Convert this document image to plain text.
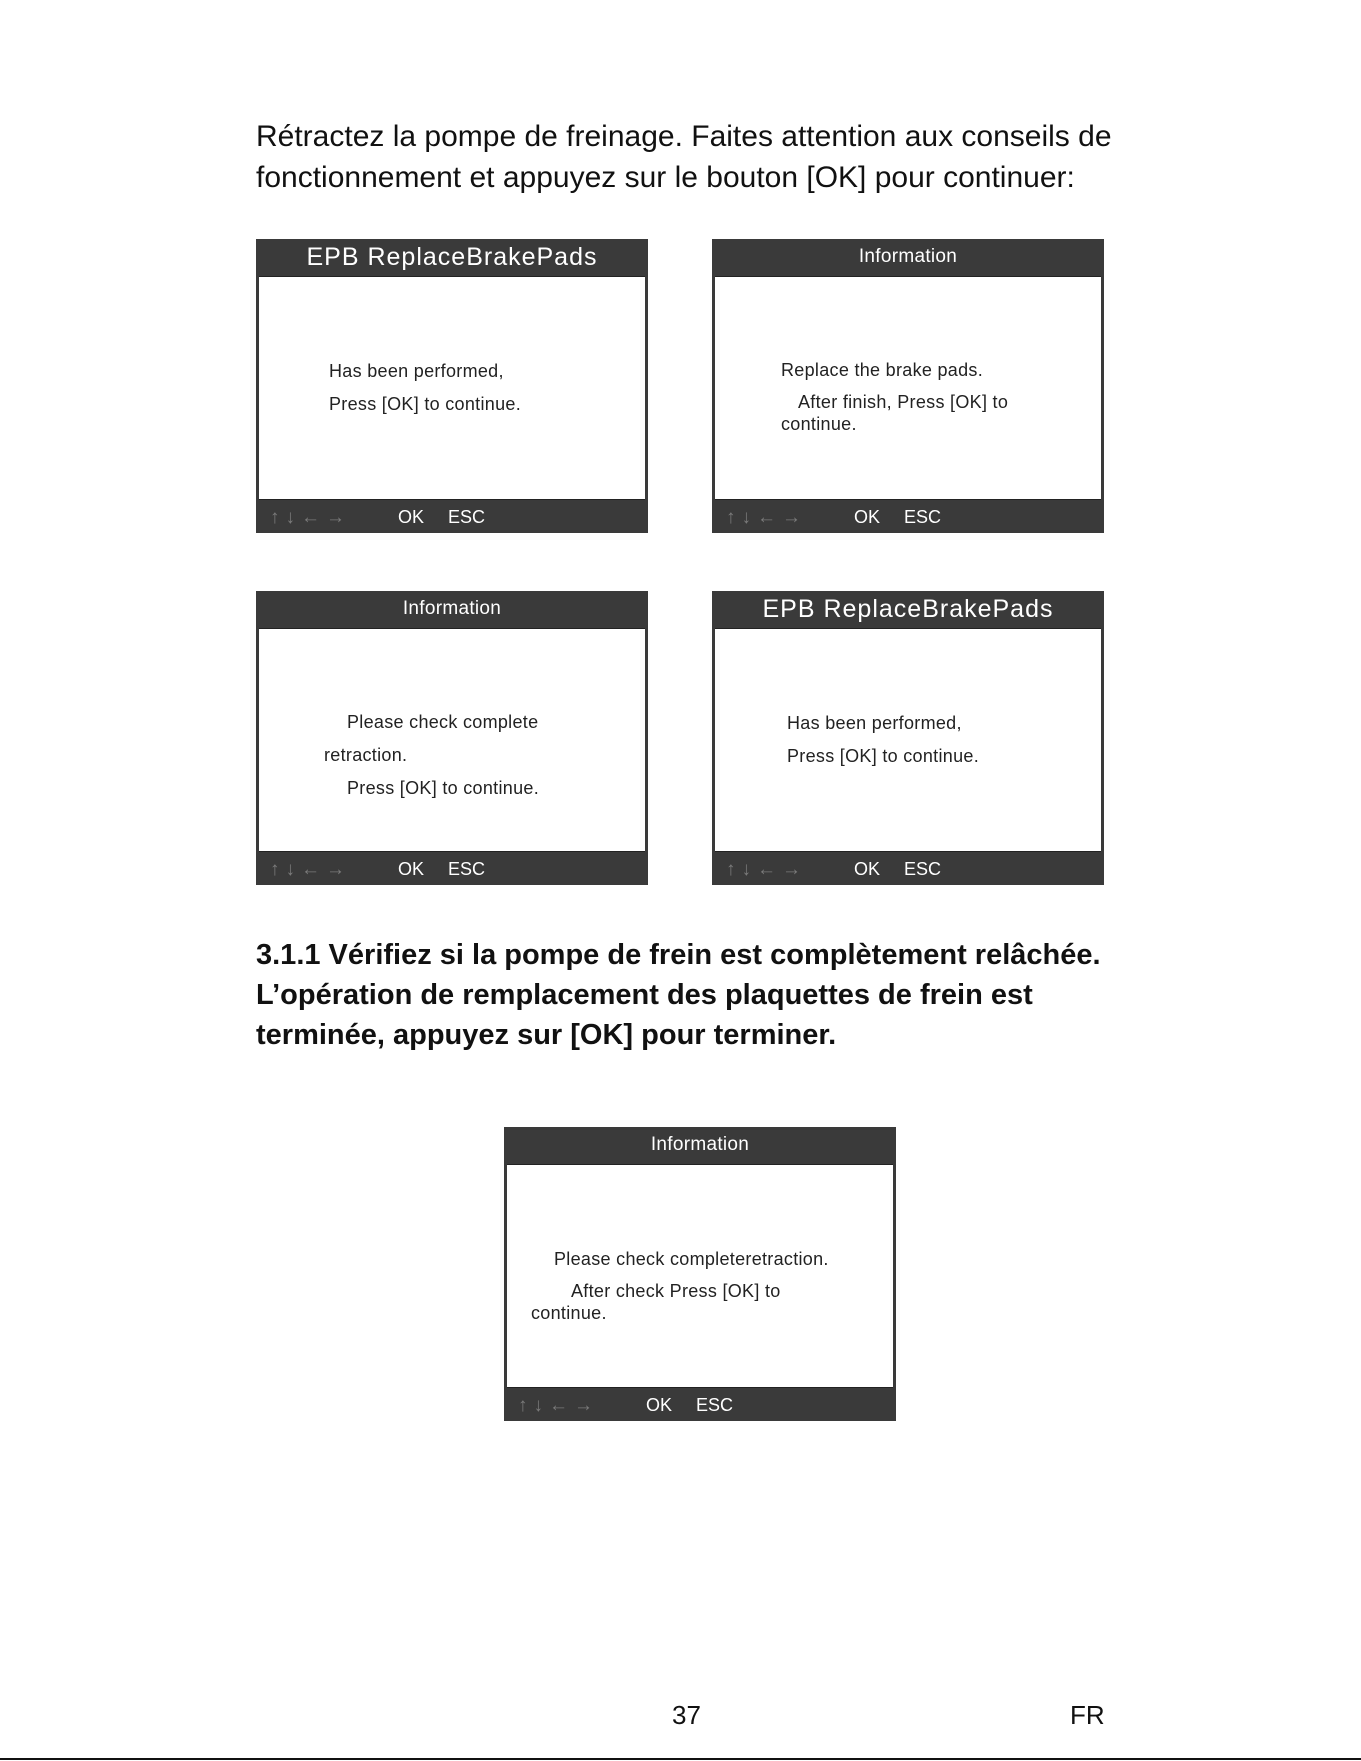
Rétractez la pompe de freinage. Faites attention aux conseils de fonctionnement et appuyez sur le bouton [OK] pour continuer:

EPB ReplaceBrakePads
Has been performed,
Press [OK] to continue.
↑ ↓ ← →	OK ESC
Information
Replace the brake pads.
After finish, Press [OK] to
continue.
↑ ↓ ← →	OK ESC
Information
Please check complete
retraction.
Press [OK] to continue.
↑ ↓ ← →	OK ESC
EPB ReplaceBrakePads
Has been performed,
Press [OK] to continue.
↑ ↓ ← →	OK ESC
3.1.1 Vérifiez si la pompe de frein est complètement relâchée. L’opération de remplacement des plaquettes de frein est terminée, appuyez sur [OK] pour terminer.
Information
Please check completeretraction.
After check Press [OK] to
continue.
↑ ↓ ← →	OK ESC
37	FR
